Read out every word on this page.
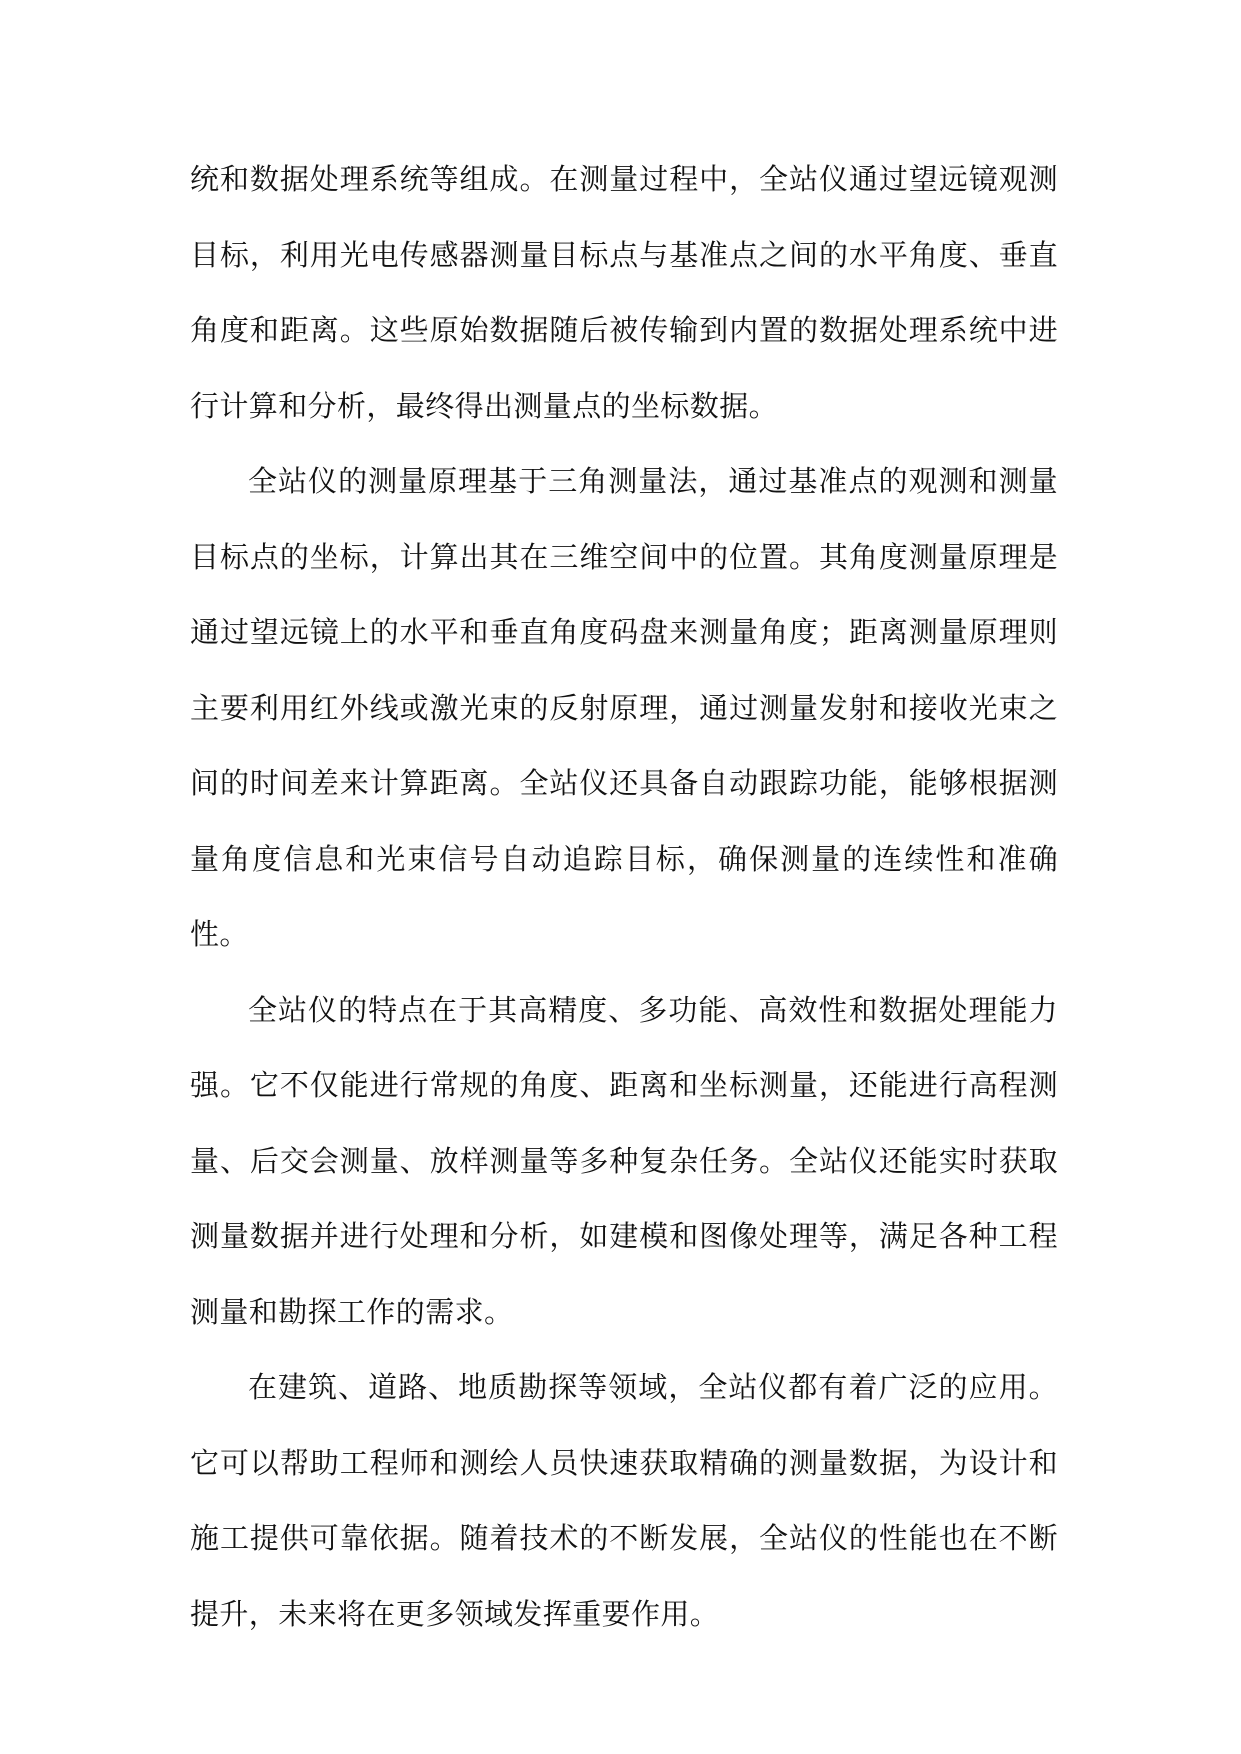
统和数据处理系统等组成。在测量过程中，全站仪通过望远镜观测目标，利用光电传感器测量目标点与基准点之间的水平角度、垂直角度和距离。这些原始数据随后被传输到内置的数据处理系统中进行计算和分析，最终得出测量点的坐标数据。

全站仪的测量原理基于三角测量法，通过基准点的观测和测量目标点的坐标，计算出其在三维空间中的位置。其角度测量原理是通过望远镜上的水平和垂直角度码盘来测量角度；距离测量原理则主要利用红外线或激光束的反射原理，通过测量发射和接收光束之间的时间差来计算距离。全站仪还具备自动跟踪功能，能够根据测量角度信息和光束信号自动追踪目标，确保测量的连续性和准确性。

全站仪的特点在于其高精度、多功能、高效性和数据处理能力强。它不仅能进行常规的角度、距离和坐标测量，还能进行高程测量、后交会测量、放样测量等多种复杂任务。全站仪还能实时获取测量数据并进行处理和分析，如建模和图像处理等，满足各种工程测量和勘探工作的需求。

在建筑、道路、地质勘探等领域，全站仪都有着广泛的应用。它可以帮助工程师和测绘人员快速获取精确的测量数据，为设计和施工提供可靠依据。随着技术的不断发展，全站仪的性能也在不断提升，未来将在更多领域发挥重要作用。
